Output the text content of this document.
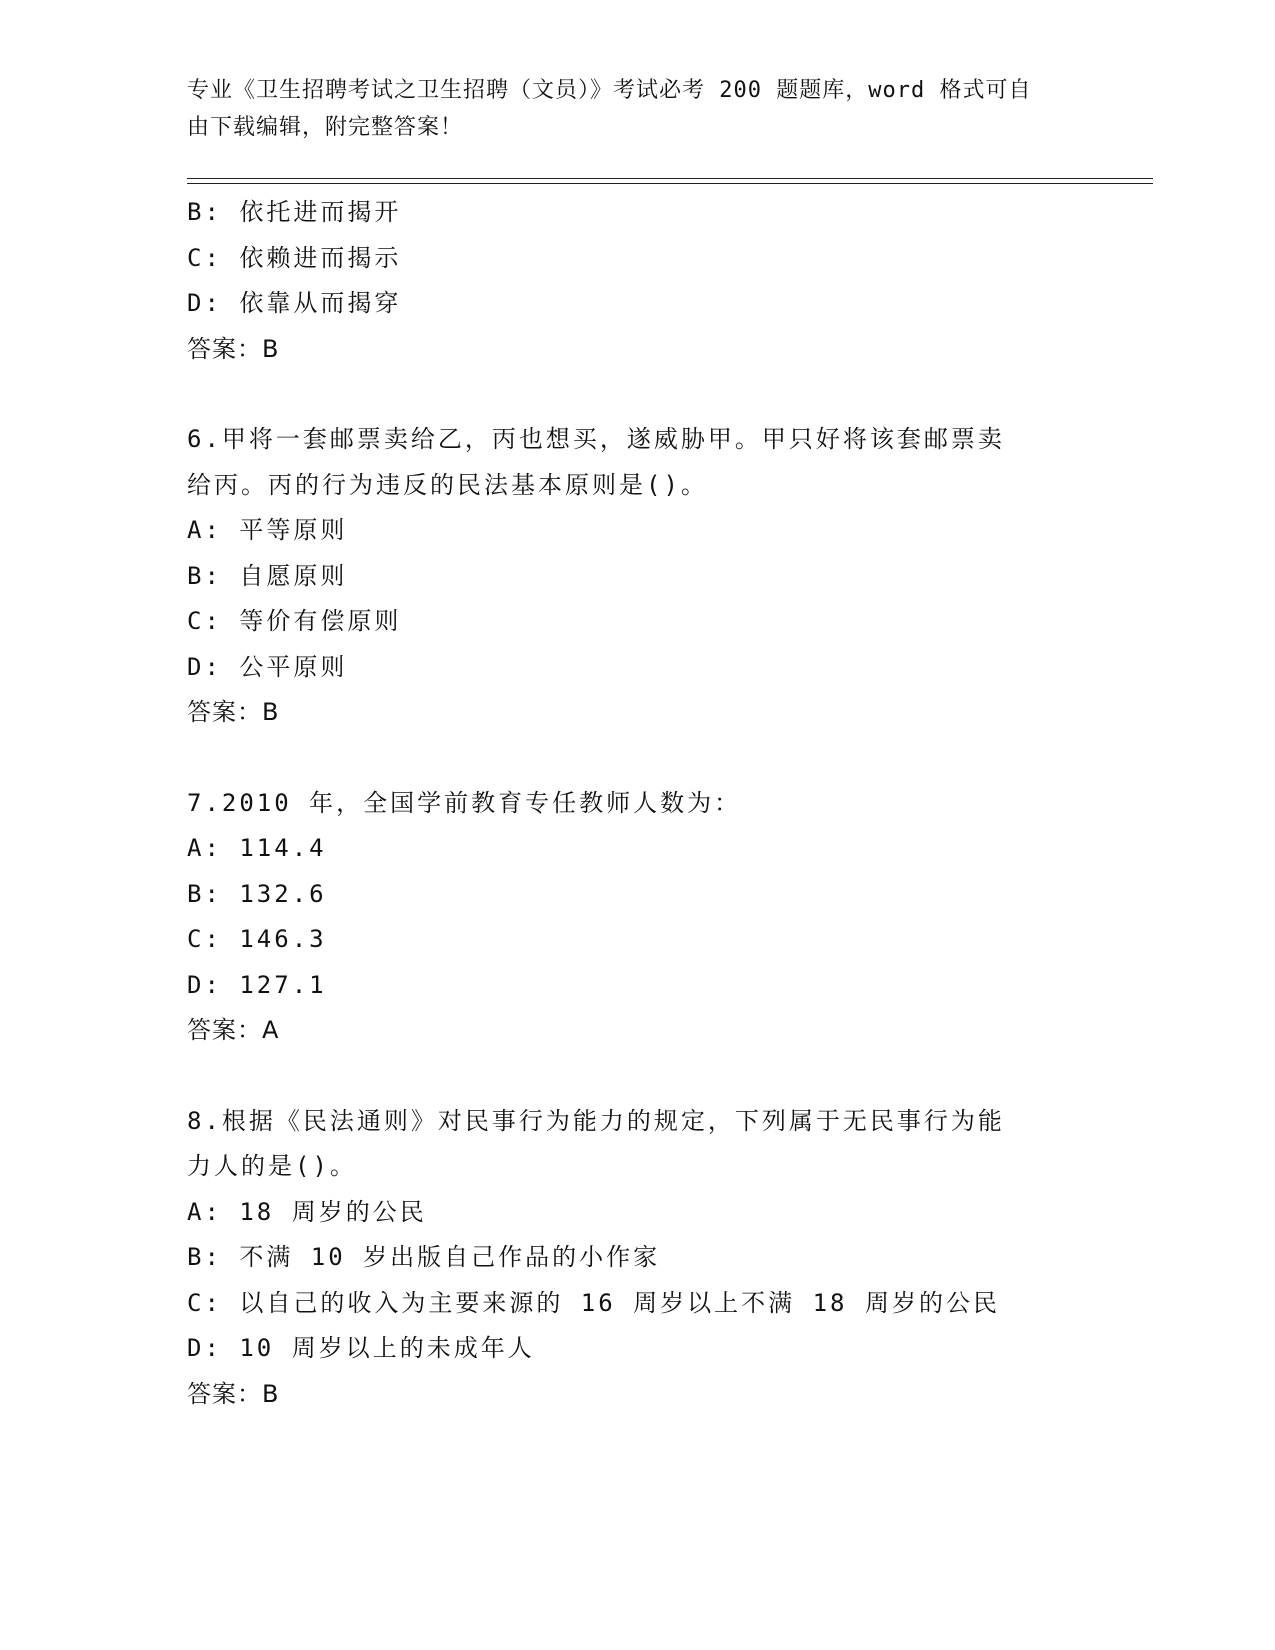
专业《卫生招聘考试之卫生招聘（文员）》考试必考 200 题题库，word 格式可自
由下载编辑，附完整答案！
B: 依托进而揭开
C: 依赖进而揭示
D: 依靠从而揭穿
答案：B
6.甲将一套邮票卖给乙，丙也想买，遂威胁甲。甲只好将该套邮票卖
给丙。丙的行为违反的民法基本原则是()。
A: 平等原则
B: 自愿原则
C: 等价有偿原则
D: 公平原则
答案：B
7.2010 年，全国学前教育专任教师人数为：
A: 114.4
B: 132.6
C: 146.3
D: 127.1
答案：A
8.根据《民法通则》对民事行为能力的规定，下列属于无民事行为能
力人的是()。
A: 18 周岁的公民
B: 不满 10 岁出版自己作品的小作家
C: 以自己的收入为主要来源的 16 周岁以上不满 18 周岁的公民
D: 10 周岁以上的未成年人
答案：B
